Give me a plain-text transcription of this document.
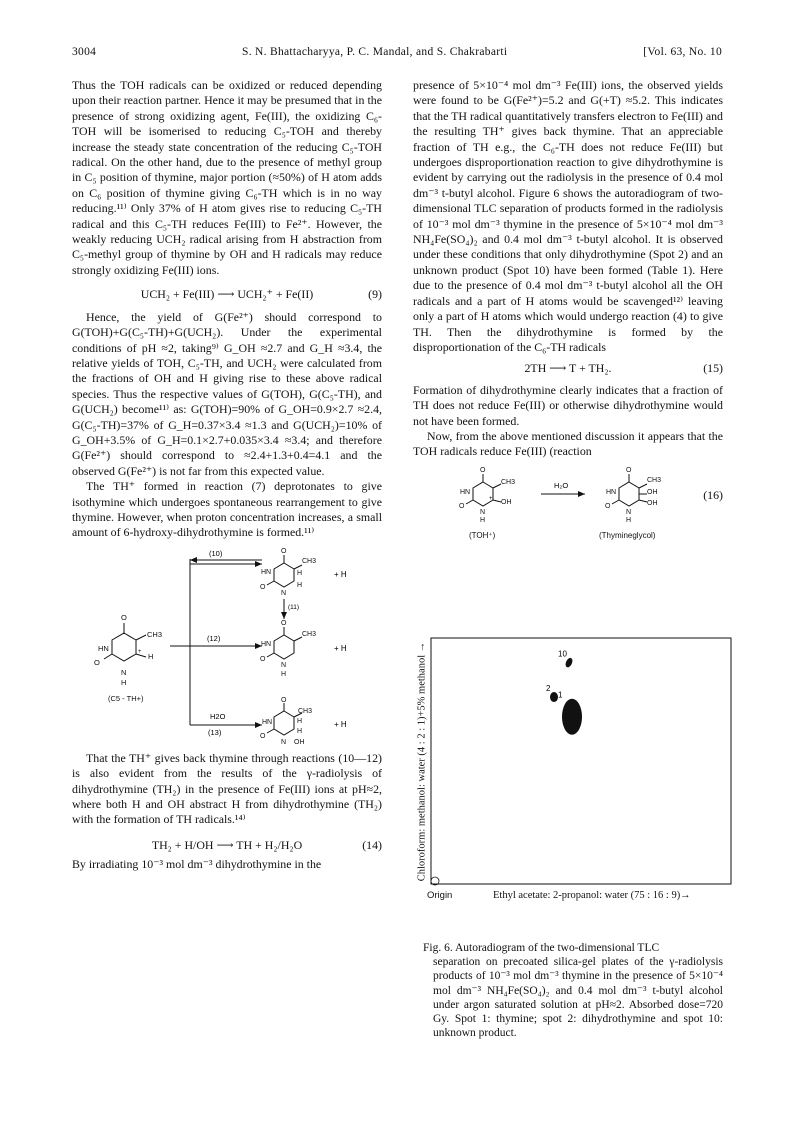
3004	S. N. Bhattacharyya, P. C. Mandal, and S. Chakrabarti	[Vol. 63, No. 10

Thus the TOH radicals can be oxidized or reduced depending upon their reaction partner. Hence it may be presumed that in the presence of strong oxidizing agent, Fe(III), the oxidizing C₆-TOH will be isomerised to reducing C₅-TOH and thereby increase the steady state concentration of the reducing C₅-TOH radical. On the other hand, due to the presence of methyl group in C₅ position of thymine, major portion (≈50%) of H atom adds on C₆ position of thymine giving C₆-TH which is in no way reducing.¹¹⁾ Only 37% of H atom gives rise to reducing C₅-TH radical and this C₅-TH reduces Fe(III) to Fe²⁺. However, the weakly reducing UCH₂ radical arising from H abstraction from C₅-methyl group of thymine by OH and H radicals may reduce strongly oxidizing Fe(III) ions.

UCH₂ + Fe(III) ⟶ UCH₂⁺ + Fe(II)	(9)

Hence, the yield of G(Fe²⁺) should correspond to G(TOH)+G(C₅-TH)+G(UCH₂). Under the experimental conditions of pH ≈2, taking⁹⁾ G_OH ≈2.7 and G_H ≈3.4, the relative yields of TOH, C₅-TH, and UCH₂ were calculated from the fractions of OH and H giving rise to these above radical species. Thus the respective values of G(TOH), G(C₅-TH), and G(UCH₂) become¹¹⁾ as: G(TOH)=90% of G_OH=0.9×2.7 ≈2.4, G(C₅-TH)=37% of G_H=0.37×3.4 ≈1.3 and G(UCH₂)=10% of G_OH+3.5% of G_H=0.1×2.7+0.035×3.4 ≈3.4; and therefore G(Fe²⁺) should correspond to ≈2.4+1.3+0.4=4.1 and the observed G(Fe²⁺) is not far from this expected value.

The TH⁺ formed in reaction (7) deprotonates to give isothymine which undergoes spontaneous rearrangement to give thymine. However, when proton concentration increases, a small amount of 6-hydroxy-dihydrothymine is formed.¹¹⁾

O
CH3
H
HN
O
N
H
+
(C5 - TH+)
(10)
(12)
H2O
(13)
(11)
O
CH3
H
H
HN
O
N
+ H
O
CH3
HN
O
N
H
+ H
O
CH3
H
H
HN
O
N OH
+ H

That the TH⁺ gives back thymine through reactions (10—12) is also evident from the results of the γ-radiolysis of dihydrothymine (TH₂) in the presence of Fe(III) ions at pH≈2, where both H and OH abstract H from dihydrothymine (TH₂) with the formation of TH radicals.¹⁴⁾

TH₂ + H/OH ⟶ TH + H₂/H₂O	(14)

By irradiating 10⁻³ mol dm⁻³ dihydrothymine in the

presence of 5×10⁻⁴ mol dm⁻³ Fe(III) ions, the observed yields were found to be G(Fe²⁺)=5.2 and G(+T) ≈5.2. This indicates that the TH radical quantitatively transfers electron to Fe(III) and the resulting TH⁺ gives back thymine. That an appreciable fraction of TH e.g., the C₆-TH does not reduce Fe(III) but undergoes disproportionation reaction to give dihydrothymine is evident by carrying out the radiolysis in the presence of 0.4 mol dm⁻³ t-butyl alcohol. Figure 6 shows the autoradiogram of two-dimensional TLC separation of products formed in the radiolysis of 10⁻³ mol dm⁻³ thymine in the presence of 5×10⁻⁴ mol dm⁻³ NH₄Fe(SO₄)₂ and 0.4 mol dm⁻³ t-butyl alcohol. It is observed under these conditions that only dihydrothymine (Spot 2) and an unknown product (Spot 10) have been formed (Table 1). Here due to the presence of 0.4 mol dm⁻³ t-butyl alcohol all the OH radicals and a part of H atoms would be scavenged¹²⁾ leaving only a part of H atoms which would undergo reaction (4) to give TH. Then the dihydrothymine is formed by the disproportionation of the C₆-TH radicals

2TH ⟶ T + TH₂.	(15)

Formation of dihydrothymine clearly indicates that a fraction of TH does not reduce Fe(III) or otherwise dihydrothymine would not have been formed.

Now, from the above mentioned discussion it appears that the TOH radicals reduce Fe(III) (reaction

O
CH3
OH
HN
O
N
H
+
H₂O
O
CH3
OH
OH
HN
O
N
H
(16)
(TOH⁺)	(Thymineglycol)
Chloroform: methanol: water (4 : 2 : 1)+5% methanol →	10
2
1
Origin	Ethyl acetate: 2-propanol: water (75 : 16 : 9)→
Fig. 6. Autoradiogram of the two-dimensional TLC
separation on precoated silica-gel plates of the γ-radiolysis products of 10⁻³ mol dm⁻³ thymine in the presence of 5×10⁻⁴ mol dm⁻³ NH₄Fe(SO₄)₂ and 0.4 mol dm⁻³ t-butyl alcohol under argon saturated solution at pH≈2. Absorbed dose=720 Gy. Spot 1: thymine; spot 2: dihydrothymine and spot 10: unknown product.
